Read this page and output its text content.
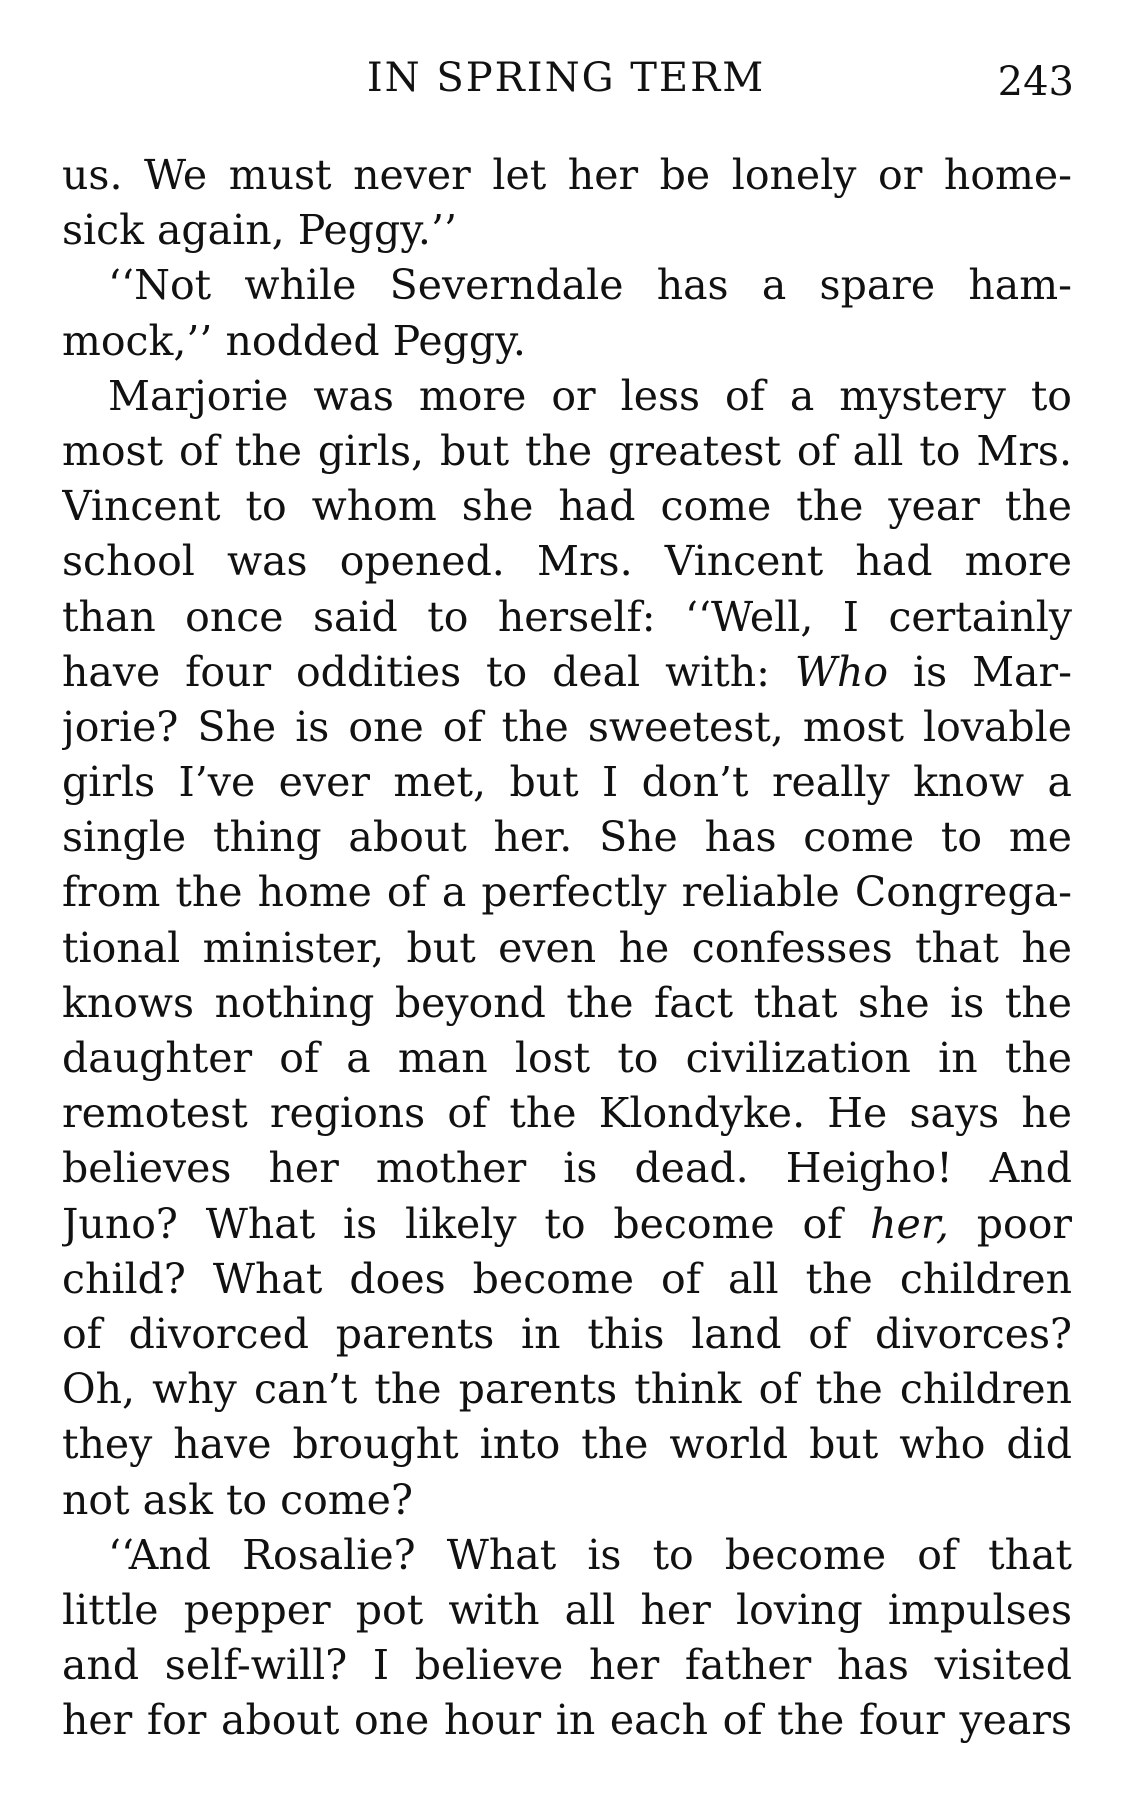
IN SPRING TERM	243
us. We must never let her be lonely or home-
sick again, Peggy.’’
‘‘Not while Severndale has a spare ham-
mock,’’ nodded Peggy.
Marjorie was more or less of a mystery to
most of the girls, but the greatest of all to Mrs.
Vincent to whom she had come the year the
school was opened. Mrs. Vincent had more
than once said to herself: ‘‘Well, I certainly
have four oddities to deal with: Who is Mar-
jorie? She is one of the sweetest, most lovable
girls I’ve ever met, but I don’t really know a
single thing about her. She has come to me
from the home of a perfectly reliable Congrega-
tional minister, but even he confesses that he
knows nothing beyond the fact that she is the
daughter of a man lost to civilization in the
remotest regions of the Klondyke. He says he
believes her mother is dead. Heigho! And
Juno? What is likely to become of her, poor
child? What does become of all the children
of divorced parents in this land of divorces?
Oh, why can’t the parents think of the children
they have brought into the world but who did
not ask to come?
‘‘And Rosalie? What is to become of that
little pepper pot with all her loving impulses
and self-will? I believe her father has visited
her for about one hour in each of the four years
